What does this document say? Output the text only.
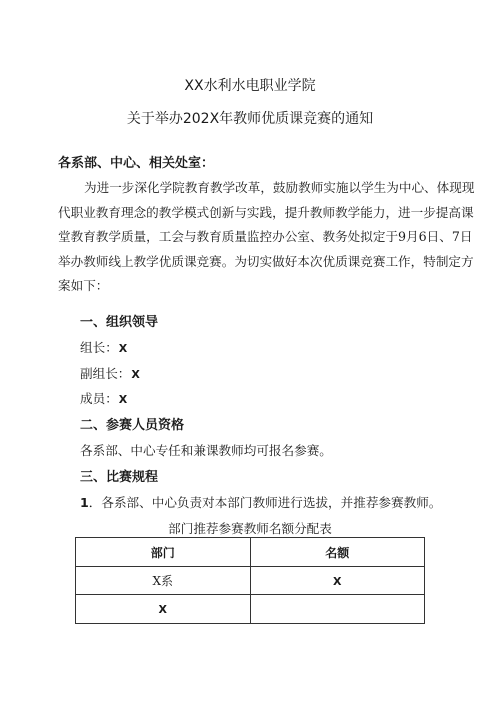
XX水利水电职业学院
关于举办202X年教师优质课竞赛的通知
各系部、中心、相关处室：
为进一步深化学院教育教学改革，鼓励教师实施以学生为中心、体现现
代职业教育理念的教学模式创新与实践，提升教师教学能力，进一步提高课
堂教育教学质量，工会与教育质量监控办公室、教务处拟定于9月6日、7日
举办教师线上教学优质课竞赛。为切实做好本次优质课竞赛工作，特制定方
案如下：
一、组织领导
组长：X
副组长：X
成员：X
二、参赛人员资格
各系部、中心专任和兼课教师均可报名参赛。
三、比赛规程
1．各系部、中心负责对本部门教师进行选拔，并推荐参赛教师。
部门推荐参赛教师名额分配表
部门	名额
X系	X
X	
